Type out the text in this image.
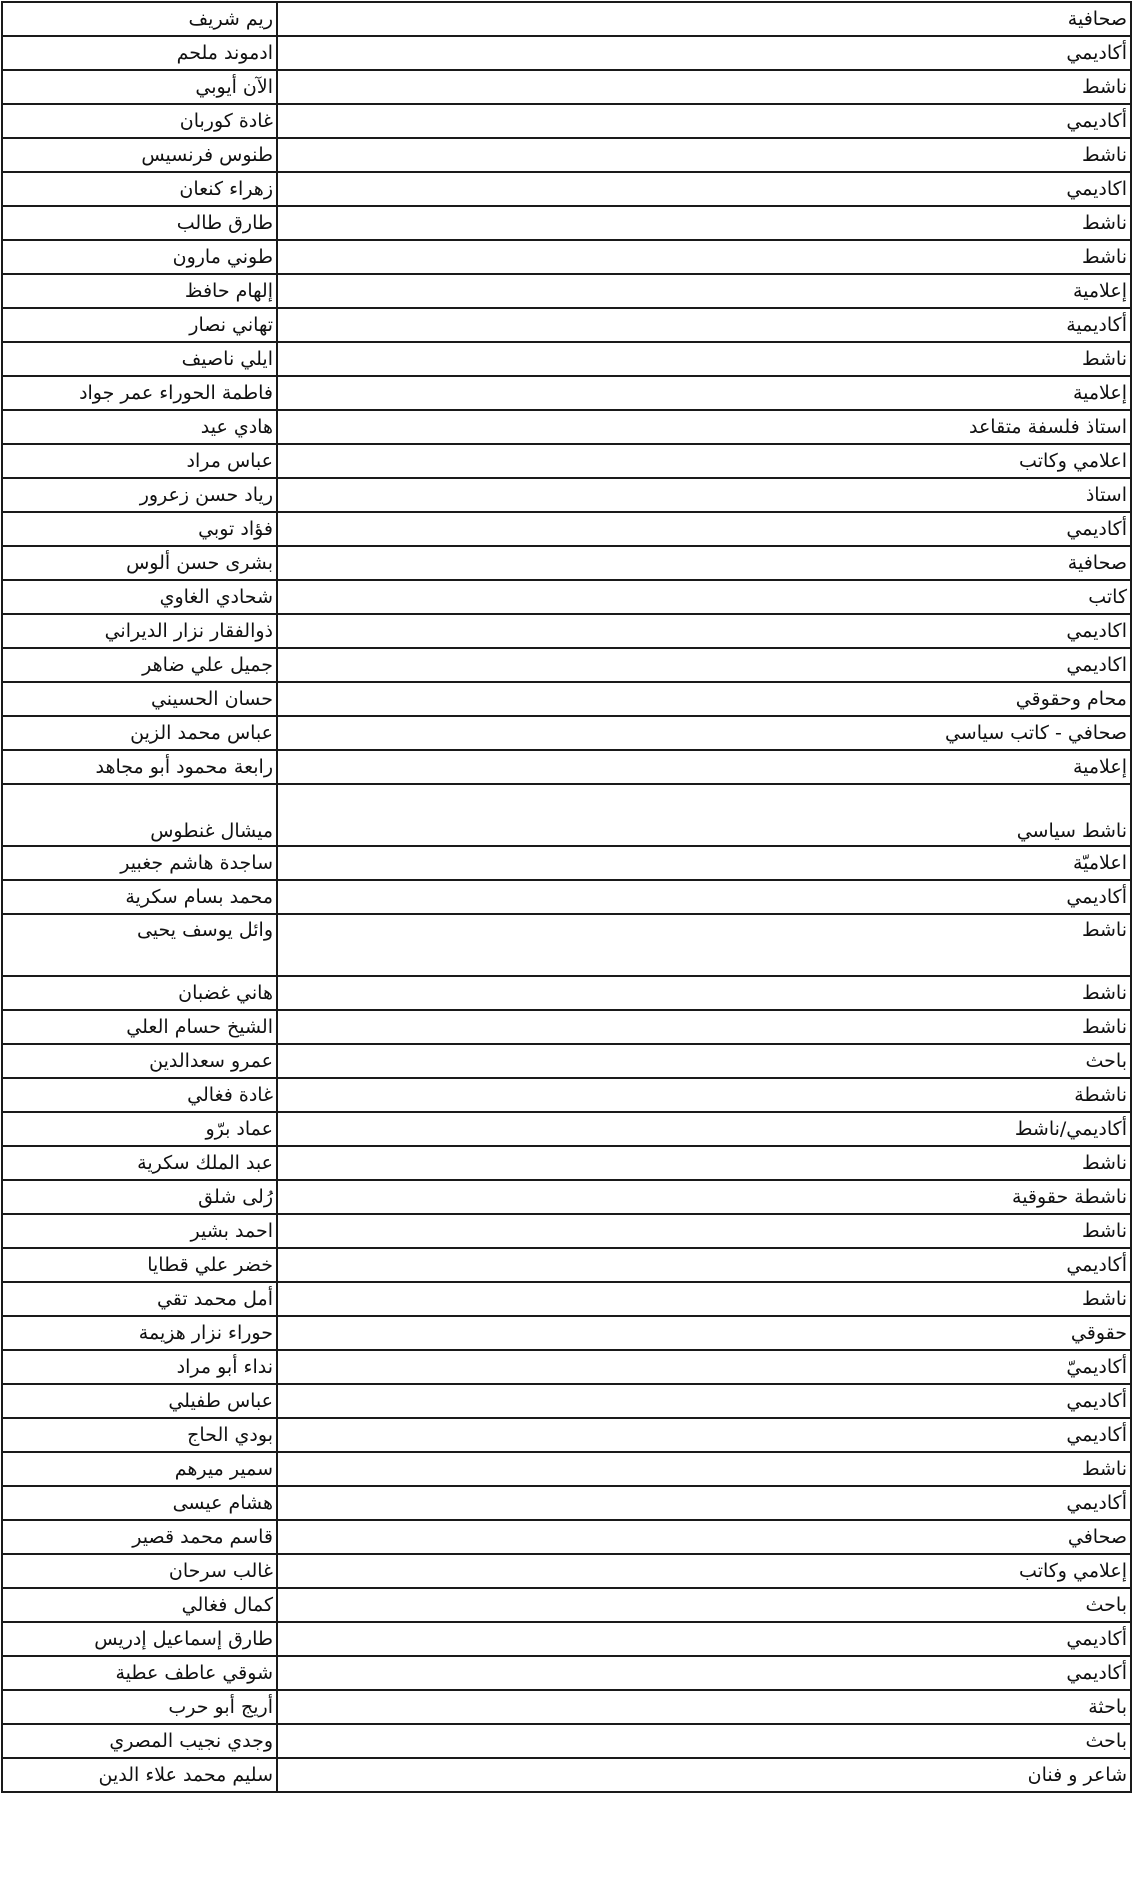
ريم شريف	صحافية
ادموند ملحم	أكاديمي
الآن أيوبي	ناشط
غادة كوربان	أكاديمي
طنوس فرنسيس	ناشط
زهراء كنعان	اكاديمي
طارق طالب	ناشط
طوني مارون	ناشط
إلهام حافظ	إعلامية
تهاني نصار	أكاديمية
ايلي ناصيف	ناشط
فاطمة الحوراء عمر جواد	إعلامية
هادي عيد	استاذ فلسفة متقاعد
عباس مراد	اعلامي وكاتب
رياد حسن زعرور	استاذ
فؤاد توبي	أكاديمي
بشرى حسن ألوس	صحافية
شحادي الغاوي	كاتب
ذوالفقار نزار الديراني	اكاديمي
جميل علي ضاهر	اكاديمي
حسان الحسيني	محام وحقوقي
عباس محمد الزين	صحافي - كاتب سياسي
رابعة محمود أبو مجاهد	إعلامية
ميشال غنطوس	ناشط سياسي
ساجدة هاشم جغبير	اعلاميّة
محمد بسام سكرية	أكاديمي
وائل يوسف يحيى	ناشط
هاني غضبان	ناشط
الشيخ حسام العلي	ناشط
عمرو سعدالدين	باحث
غادة فغالي	ناشطة
عماد برّو	أكاديمي/ناشط
عبد الملك سكرية	ناشط
رُلى شلق	ناشطة حقوقية
احمد بشير	ناشط
خضر علي قطايا	أكاديمي
أمل محمد تقي	ناشط
حوراء نزار هزيمة	حقوقي
نداء أبو مراد	أكاديميّ
عباس طفيلي	أكاديمي
بودي الحاج	أكاديمي
سمير ميرهم	ناشط
هشام عيسى	أكاديمي
قاسم محمد قصير	صحافي
غالب سرحان	إعلامي وكاتب
كمال فغالي	باحث
طارق إسماعيل إدريس	أكاديمي
شوقي عاطف عطية	أكاديمي
أريج أبو حرب	باحثة
وجدي نجيب المصري	باحث
سليم محمد علاء الدين	شاعر و فنان
